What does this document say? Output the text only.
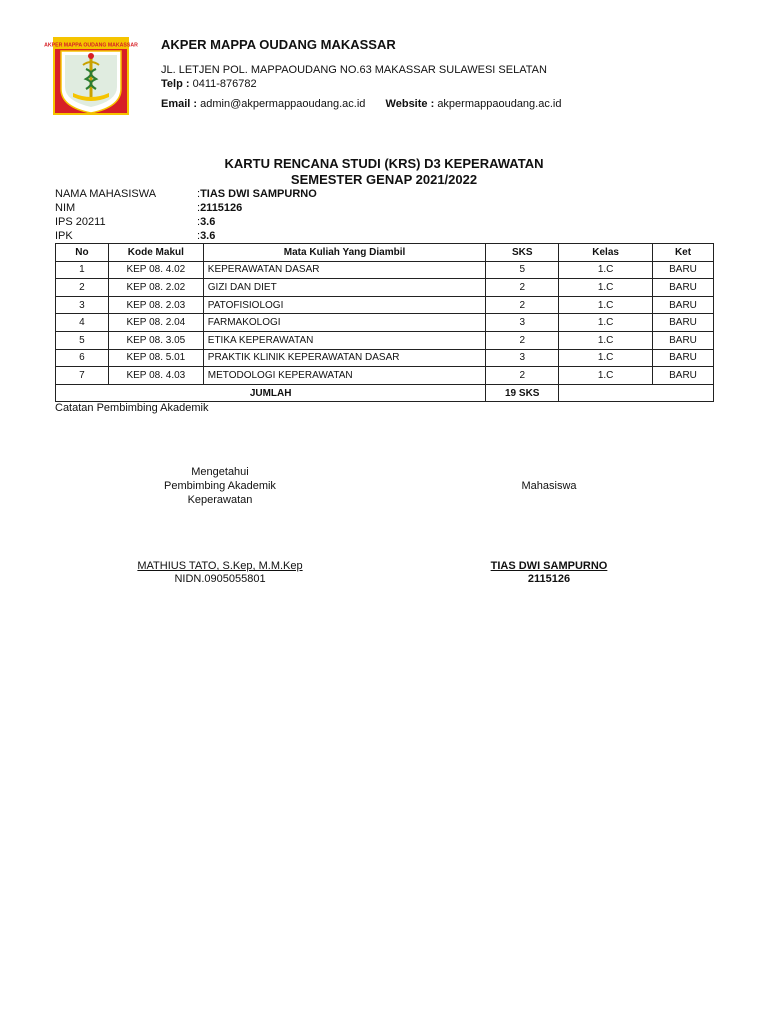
AKPER MAPPA OUDANG MAKASSAR AKPER MAPPA OUDANG MAKASSAR
JL. LETJEN POL. MAPPAOUDANG NO.63 MAKASSAR SULAWESI SELATAN
Telp : 0411-876782
Email : admin@akpermappaoudang.ac.id Website : akpermappaoudang.ac.id
KARTU RENCANA STUDI (KRS) D3 KEPERAWATAN
SEMESTER GENAP 2021/2022
NAMA MAHASISWA	:TIAS DWI SAMPURNO
NIM	:2115126
IPS 20211	:3.6
IPK	:3.6
No	Kode Makul	Mata Kuliah Yang Diambil	SKS	Kelas	Ket
1	KEP 08. 4.02	KEPERAWATAN DASAR	5	1.C	BARU
2	KEP 08. 2.02	GIZI DAN DIET	2	1.C	BARU
3	KEP 08. 2.03	PATOFISIOLOGI	2	1.C	BARU
4	KEP 08. 2.04	FARMAKOLOGI	3	1.C	BARU
5	KEP 08. 3.05	ETIKA KEPERAWATAN	2	1.C	BARU
6	KEP 08. 5.01	PRAKTIK KLINIK KEPERAWATAN DASAR	3	1.C	BARU
7	KEP 08. 4.03	METODOLOGI KEPERAWATAN	2	1.C	BARU
JUMLAH			19 SKS		
Catatan Pembimbing Akademik
Mengetahui
Pembimbing Akademik
Keperawatan
MATHIUS TATO, S.Kep, M.M.Kep
NIDN.0905055801
Mahasiswa
TIAS DWI SAMPURNO
2115126
